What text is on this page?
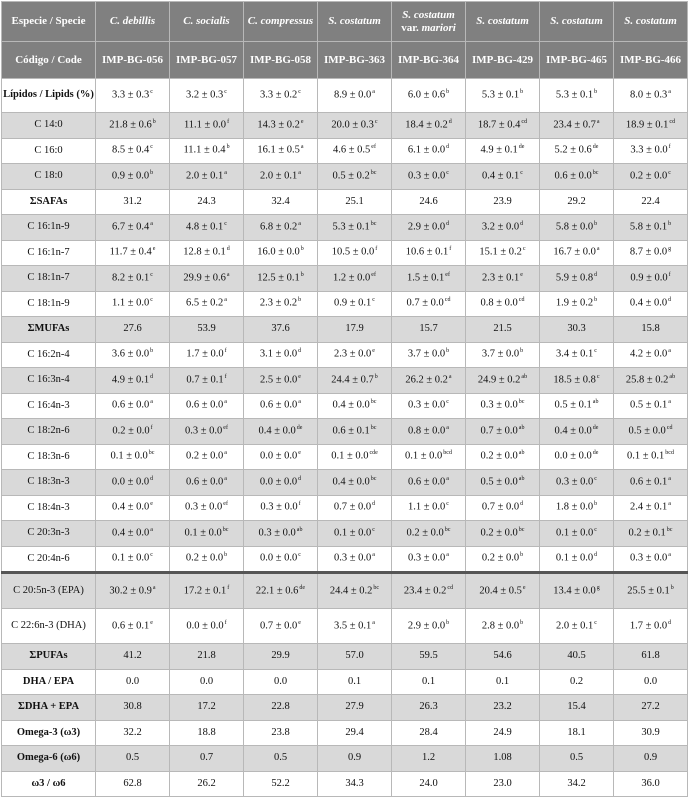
Especie / Specie	C. debillis	C. socialis	C. compressus	S. costatum	S. costatum
var. mariori	S. costatum	S. costatum	S. costatum
Código / Code	IMP-BG-056	IMP-BG-057	IMP-BG-058	IMP-BG-363	IMP-BG-364	IMP-BG-429	IMP-BG-465	IMP-BG-466
Lípidos / Lipids (%)	3.3 ± 0.3$^c$	3.2 ± 0.3$^c$	3.3 ± 0.2$^c$	8.9 ± 0.0$^a$	6.0 ± 0.6$^b$	5.3 ± 0.1$^b$	5.3 ± 0.1$^b$	8.0 ± 0.3$^a$
C 14:0	21.8 ± 0.6$^b$	11.1 ± 0.0$^f$	14.3 ± 0.2$^e$	20.0 ± 0.3$^c$	18.4 ± 0.2$^d$	18.7 ± 0.4$^{cd}$	23.4 ± 0.7$^a$	18.9 ± 0.1$^{cd}$
C 16:0	8.5 ± 0.4$^c$	11.1 ± 0.4$^b$	16.1 ± 0.5$^a$	4.6 ± 0.5$^{ef}$	6.1 ± 0.0$^d$	4.9 ± 0.1de	5.2 ± 0.6de	3.3 ± 0.0$^f$
C 18:0	0.9 ± 0.0$^b$	2.0 ± 0.1$^a$	2.0 ± 0.1$^a$	0.5 ± 0.2$^{bc}$	0.3 ± 0.0$^c$	0.4 ± 0.1$^c$	0.6 ± 0.0$^{bc}$	0.2 ± 0.0$^c$
ΣSAFAs	31.2	24.3	32.4	25.1	24.6	23.9	29.2	22.4
C 16:1n-9	6.7 ± 0.4$^a$	4.8 ± 0.1$^c$	6.8 ± 0.2$^a$	5.3 ± 0.1$^{bc}$	2.9 ± 0.0$^d$	3.2 ± 0.0$^d$	5.8 ± 0.0$^b$	5.8 ± 0.1$^b$
C 16:1n-7	11.7 ± 0.4$^e$	12.8 ± 0.1$^d$	16.0 ± 0.0$^b$	10.5 ± 0.0$^f$	10.6 ± 0.1$^f$	15.1 ± 0.2$^c$	16.7 ± 0.0$^a$	8.7 ± 0.0$^g$
C 18:1n-7	8.2 ± 0.1$^c$	29.9 ± 0.6$^a$	12.5 ± 0.1$^b$	1.2 ± 0.0$^{ef}$	1.5 ± 0.1$^{ef}$	2.3 ± 0.1$^e$	5.9 ± 0.8$^d$	0.9 ± 0.0$^f$
C 18:1n-9	1.1 ± 0.0$^c$	6.5 ± 0.2$^a$	2.3 ± 0.2$^b$	0.9 ± 0.1$^c$	0.7 ± 0.0$^{cd}$	0.8 ± 0.0$^{cd}$	1.9 ± 0.2$^b$	0.4 ± 0.0$^d$
ΣMUFAs	27.6	53.9	37.6	17.9	15.7	21.5	30.3	15.8
C 16:2n-4	3.6 ± 0.0$^b$	1.7 ± 0.0$^f$	3.1 ± 0.0$^d$	2.3 ± 0.0$^e$	3.7 ± 0.0$^b$	3.7 ± 0.0$^b$	3.4 ± 0.1$^c$	4.2 ± 0.0$^a$
C 16:3n-4	4.9 ± 0.1$^d$	0.7 ± 0.1$^f$	2.5 ± 0.0$^e$	24.4 ± 0.7$^b$	26.2 ± 0.2$^a$	24.9 ± 0.2$^{ab}$	18.5 ± 0.8$^c$	25.8 ± 0.2$^{ab}$
C 16:4n-3	0.6 ± 0.0$^a$	0.6 ± 0.0$^a$	0.6 ± 0.0$^a$	0.4 ± 0.0$^{bc}$	0.3 ± 0.0$^c$	0.3 ± 0.0$^{bc}$	0.5 ± 0.1$^{ab}$	0.5 ± 0.1$^a$
C 18:2n-6	0.2 ± 0.0$^f$	0.3 ± 0.0$^{ef}$	0.4 ± 0.0de	0.6 ± 0.1$^{bc}$	0.8 ± 0.0$^a$	0.7 ± 0.0$^{ab}$	0.4 ± 0.0de	0.5 ± 0.0$^{cd}$
C 18:3n-6	0.1 ± 0.0$^{bc}$	0.2 ± 0.0$^a$	0.0 ± 0.0$^e$	0.1 ± 0.0$^{cde}$	0.1 ± 0.0$^{bcd}$	0.2 ± 0.0$^{ab}$	0.0 ± 0.0de	0.1 ± 0.1$^{bcd}$
C 18:3n-3	0.0 ± 0.0$^d$	0.6 ± 0.0$^a$	0.0 ± 0.0$^d$	0.4 ± 0.0$^{bc}$	0.6 ± 0.0$^a$	0.5 ± 0.0$^{ab}$	0.3 ± 0.0$^c$	0.6 ± 0.1$^a$
C 18:4n-3	0.4 ± 0.0$^e$	0.3 ± 0.0$^{ef}$	0.3 ± 0.0$^f$	0.7 ± 0.0$^d$	1.1 ± 0.0$^c$	0.7 ± 0.0$^d$	1.8 ± 0.0$^b$	2.4 ± 0.1$^a$
C 20:3n-3	0.4 ± 0.0$^a$	0.1 ± 0.0$^{bc}$	0.3 ± 0.0$^{ab}$	0.1 ± 0.0$^c$	0.2 ± 0.0$^{bc}$	0.2 ± 0.0$^{bc}$	0.1 ± 0.0$^c$	0.2 ± 0.1$^{bc}$
C 20:4n-6	0.1 ± 0.0$^c$	0.2 ± 0.0$^b$	0.0 ± 0.0$^c$	0.3 ± 0.0$^a$	0.3 ± 0.0$^a$	0.2 ± 0.0$^b$	0.1 ± 0.0$^d$	0.3 ± 0.0$^a$
C 20:5n-3 (EPA)	30.2 ± 0.9$^a$	17.2 ± 0.1$^f$	22.1 ± 0.6de	24.4 ± 0.2$^{bc}$	23.4 ± 0.2$^{cd}$	20.4 ± 0.5$^e$	13.4 ± 0.0$^g$	25.5 ± 0.1$^b$
C 22:6n-3 (DHA)	0.6 ± 0.1$^e$	0.0 ± 0.0$^f$	0.7 ± 0.0$^e$	3.5 ± 0.1$^a$	2.9 ± 0.0$^b$	2.8 ± 0.0$^b$	2.0 ± 0.1$^c$	1.7 ± 0.0$^d$
ΣPUFAs	41.2	21.8	29.9	57.0	59.5	54.6	40.5	61.8
DHA / EPA	0.0	0.0	0.0	0.1	0.1	0.1	0.2	0.0
ΣDHA + EPA	30.8	17.2	22.8	27.9	26.3	23.2	15.4	27.2
Omega-3 (ω3)	32.2	18.8	23.8	29.4	28.4	24.9	18.1	30.9
Omega-6 (ω6)	0.5	0.7	0.5	0.9	1.2	1.08	0.5	0.9
ω3 / ω6	62.8	26.2	52.2	34.3	24.0	23.0	34.2	36.0
